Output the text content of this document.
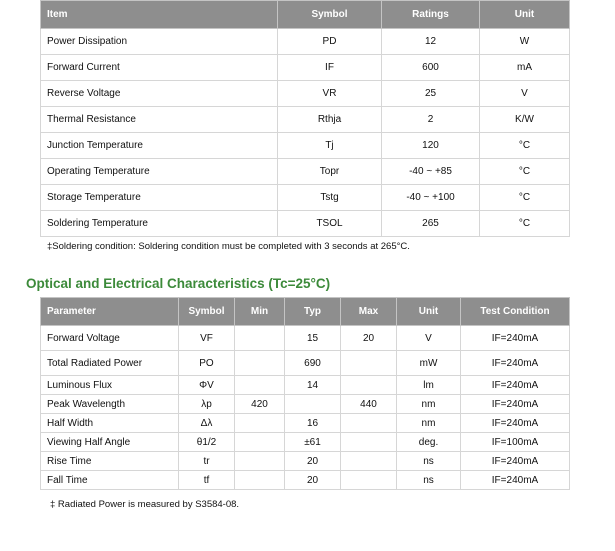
Item	Symbol	Ratings	Unit
Power Dissipation	PD	12	W
Forward Current	IF	600	mA
Reverse Voltage	VR	25	V
Thermal Resistance	Rthja	2	K/W
Junction Temperature	Tj	120	°C
Operating Temperature	Topr	-40 ~ +85	°C
Storage Temperature	Tstg	-40 ~ +100	°C
Soldering Temperature	TSOL	265	°C
‡Soldering condition: Soldering condition must be completed with 3 seconds at 265°C.
Optical and Electrical Characteristics (Tc=25°C)
Parameter	Symbol	Min	Typ	Max	Unit	Test Condition
Forward Voltage	VF		15	20	V	IF=240mA
Total Radiated Power	PO		690		mW	IF=240mA
Luminous Flux	ΦV		14		lm	IF=240mA
Peak Wavelength	λp	420		440	nm	IF=240mA
Half Width	Δλ		16		nm	IF=240mA
Viewing Half Angle	θ1/2		±61		deg.	IF=100mA
Rise Time	tr		20		ns	IF=240mA
Fall Time	tf		20		ns	IF=240mA
‡ Radiated Power is measured by S3584-08.
